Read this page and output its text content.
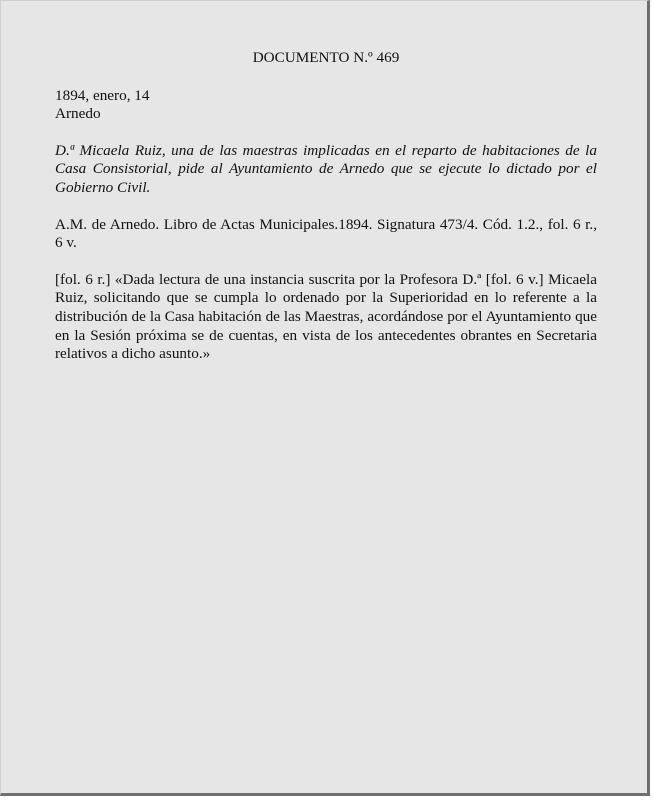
DOCUMENTO N.º 469

1894, enero, 14

Arnedo

D.ª Micaela Ruiz, una de las maestras implicadas en el reparto de habitaciones de la Casa Consistorial, pide al Ayuntamiento de Arnedo que se ejecute lo dictado por el Gobierno Civil.

A.M. de Arnedo. Libro de Actas Municipales.1894. Signatura 473/4. Cód. 1.2., fol. 6 r., 6 v.

[fol. 6 r.] «Dada lectura de una instancia suscrita por la Profesora D.ª [fol. 6 v.] Micaela Ruiz, solicitando que se cumpla lo ordenado por la Superioridad en lo referente a la distribución de la Casa habitación de las Maestras, acordándose por el Ayuntamiento que en la Sesión próxima se de cuentas, en vista de los antecedentes obrantes en Secretaria relativos a dicho asunto.»
